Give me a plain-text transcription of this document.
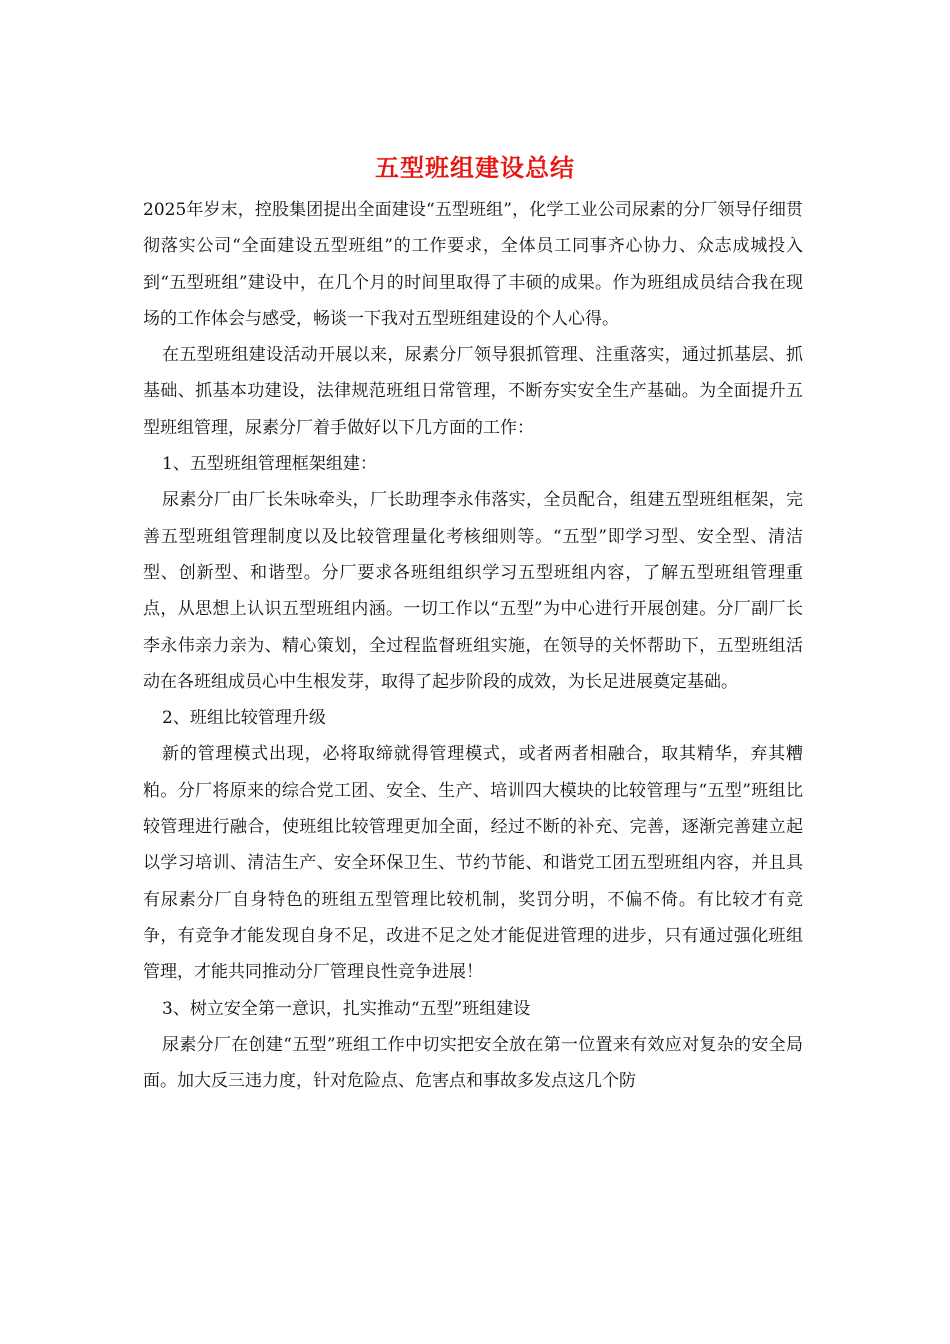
五型班组建设总结

2025年岁末，控股集团提出全面建设“五型班组”，化学工业公司尿素的分厂领导仔细贯彻落实公司“全面建设五型班组”的工作要求，全体员工同事齐心协力、众志成城投入到“五型班组”建设中，在几个月的时间里取得了丰硕的成果。作为班组成员结合我在现场的工作体会与感受，畅谈一下我对五型班组建设的个人心得。

在五型班组建设活动开展以来，尿素分厂领导狠抓管理、注重落实，通过抓基层、抓基础、抓基本功建设，法律规范班组日常管理，不断夯实安全生产基础。为全面提升五型班组管理，尿素分厂着手做好以下几方面的工作：

1、五型班组管理框架组建：

尿素分厂由厂长朱咏牵头，厂长助理李永伟落实，全员配合，组建五型班组框架，完善五型班组管理制度以及比较管理量化考核细则等。“五型”即学习型、安全型、清洁型、创新型、和谐型。分厂要求各班组组织学习五型班组内容，了解五型班组管理重点，从思想上认识五型班组内涵。一切工作以“五型”为中心进行开展创建。分厂副厂长李永伟亲力亲为、精心策划，全过程监督班组实施，在领导的关怀帮助下，五型班组活动在各班组成员心中生根发芽，取得了起步阶段的成效，为长足进展奠定基础。

2、班组比较管理升级

新的管理模式出现，必将取缔就得管理模式，或者两者相融合，取其精华，弃其糟粕。分厂将原来的综合党工团、安全、生产、培训四大模块的比较管理与“五型”班组比较管理进行融合，使班组比较管理更加全面，经过不断的补充、完善，逐渐完善建立起以学习培训、清洁生产、安全环保卫生、节约节能、和谐党工团五型班组内容，并且具有尿素分厂自身特色的班组五型管理比较机制，奖罚分明，不偏不倚。有比较才有竞争，有竞争才能发现自身不足，改进不足之处才能促进管理的进步，只有通过强化班组管理，才能共同推动分厂管理良性竞争进展！

3、树立安全第一意识，扎实推动“五型”班组建设

尿素分厂在创建“五型”班组工作中切实把安全放在第一位置来有效应对复杂的安全局面。加大反三违力度，针对危险点、危害点和事故多发点这几个防
